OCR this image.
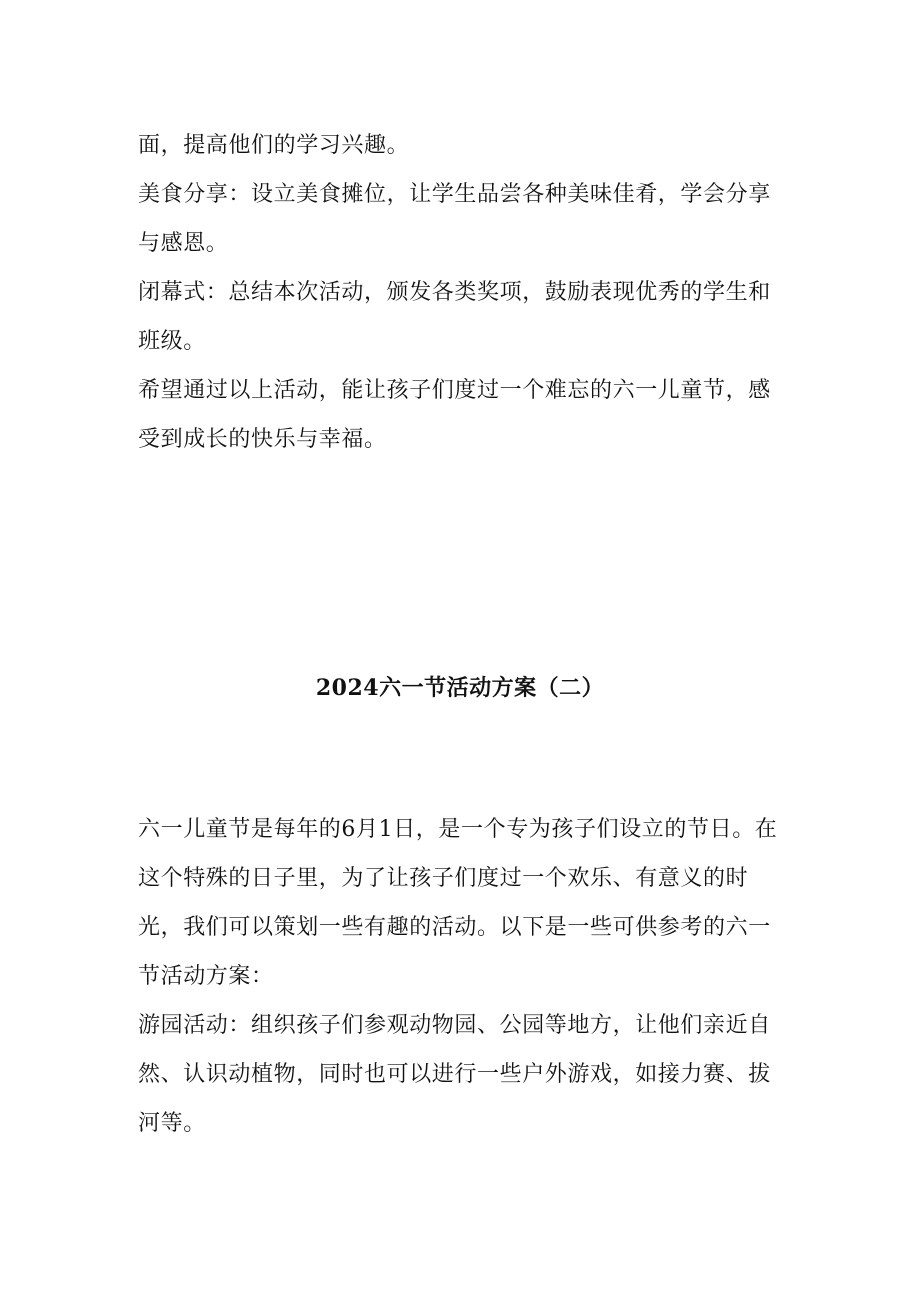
面，提高他们的学习兴趣。

美食分享：设立美食摊位，让学生品尝各种美味佳肴，学会分享与感恩。

闭幕式：总结本次活动，颁发各类奖项，鼓励表现优秀的学生和班级。

希望通过以上活动，能让孩子们度过一个难忘的六一儿童节，感受到成长的快乐与幸福。

2024六一节活动方案（二）

六一儿童节是每年的6月1日，是一个专为孩子们设立的节日。在这个特殊的日子里，为了让孩子们度过一个欢乐、有意义的时光，我们可以策划一些有趣的活动。以下是一些可供参考的六一节活动方案：

游园活动：组织孩子们参观动物园、公园等地方，让他们亲近自然、认识动植物，同时也可以进行一些户外游戏，如接力赛、拔河等。
